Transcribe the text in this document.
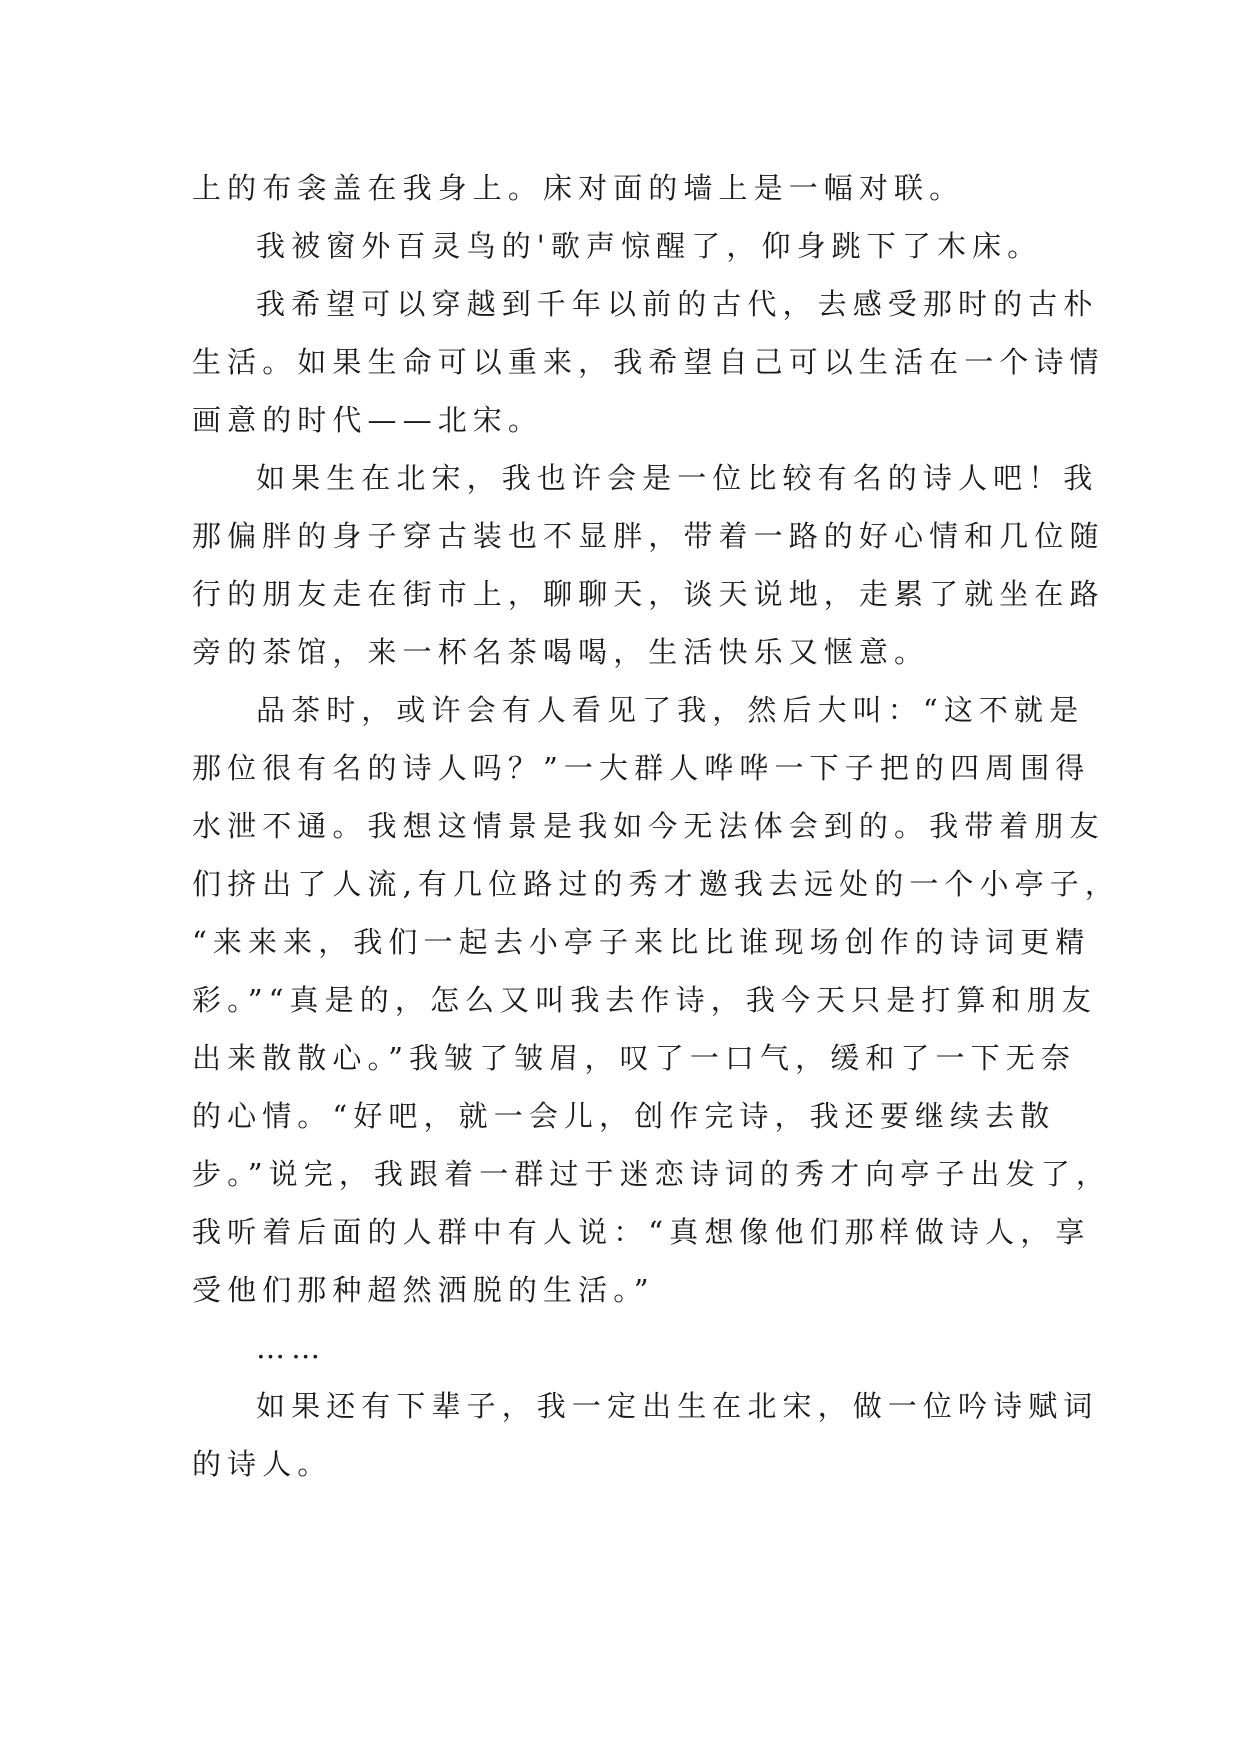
上的布衾盖在我身上。床对面的墙上是一幅对联。
我被窗外百灵鸟的'歌声惊醒了，仰身跳下了木床。
我希望可以穿越到千年以前的古代，去感受那时的古朴
生活。如果生命可以重来，我希望自己可以生活在一个诗情
画意的时代——北宋。
如果生在北宋，我也许会是一位比较有名的诗人吧！我
那偏胖的身子穿古装也不显胖，带着一路的好心情和几位随
行的朋友走在街市上，聊聊天，谈天说地，走累了就坐在路
旁的茶馆，来一杯名茶喝喝，生活快乐又惬意。
品茶时，或许会有人看见了我，然后大叫：“这不就是
那位很有名的诗人吗？”一大群人哗哗一下子把的四周围得
水泄不通。我想这情景是我如今无法体会到的。我带着朋友
们挤出了人流,有几位路过的秀才邀我去远处的一个小亭子，
“来来来，我们一起去小亭子来比比谁现场创作的诗词更精
彩。”“真是的，怎么又叫我去作诗，我今天只是打算和朋友
出来散散心。”我皱了皱眉，叹了一口气，缓和了一下无奈
的心情。“好吧，就一会儿，创作完诗，我还要继续去散
步。”说完，我跟着一群过于迷恋诗词的秀才向亭子出发了，
我听着后面的人群中有人说：“真想像他们那样做诗人，享
受他们那种超然洒脱的生活。”
……
如果还有下辈子，我一定出生在北宋，做一位吟诗赋词
的诗人。
